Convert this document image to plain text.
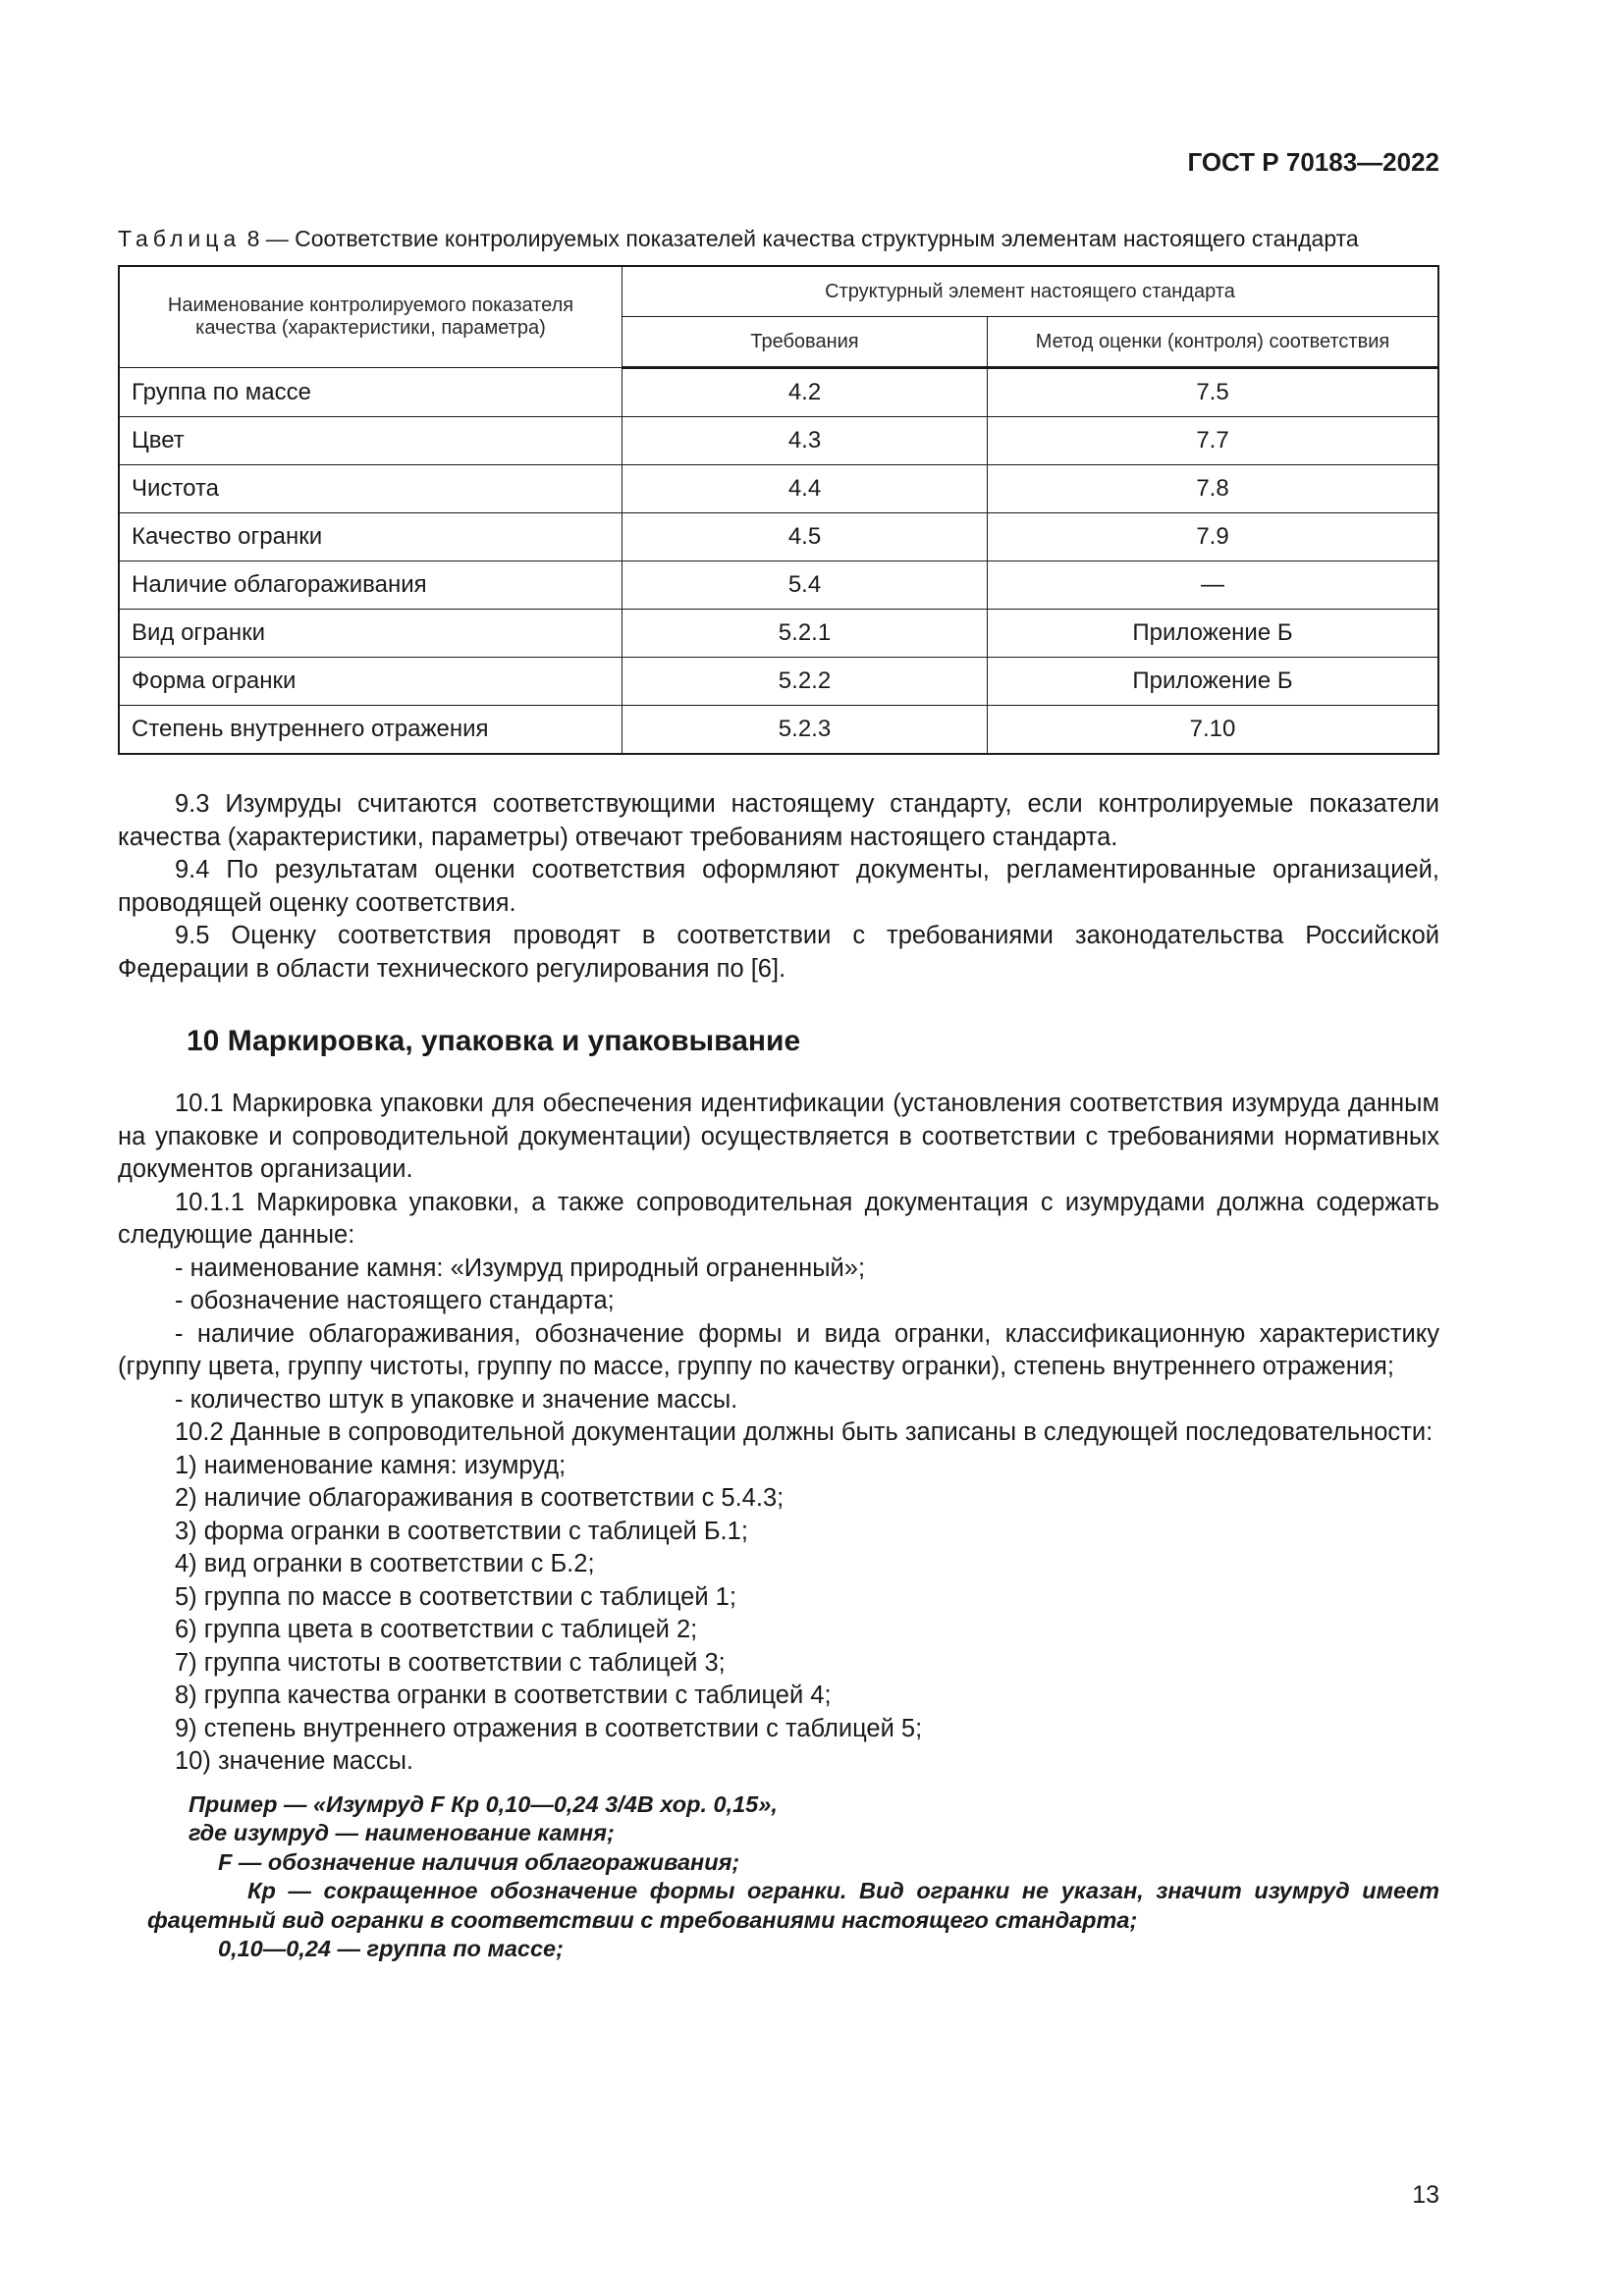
ГОСТ Р 70183—2022

Таблица 8 — Соответствие контролируемых показателей качества структурным элементам настоящего стандарта

Наименование контролируемого показателя качества (характеристики, параметра)	Структурный элемент настоящего стандарта	
	Требования	Метод оценки (контроля) соответствия
Группа по массе	4.2	7.5
Цвет	4.3	7.7
Чистота	4.4	7.8
Качество огранки	4.5	7.9
Наличие облагораживания	5.4	—
Вид огранки	5.2.1	Приложение Б
Форма огранки	5.2.2	Приложение Б
Степень внутреннего отражения	5.2.3	7.10

9.3 Изумруды считаются соответствующими настоящему стандарту, если контролируемые показатели качества (характеристики, параметры) отвечают требованиям настоящего стандарта.

9.4 По результатам оценки соответствия оформляют документы, регламентированные организацией, проводящей оценку соответствия.

9.5 Оценку соответствия проводят в соответствии с требованиями законодательства Российской Федерации в области технического регулирования по [6].

10 Маркировка, упаковка и упаковывание

10.1 Маркировка упаковки для обеспечения идентификации (установления соответствия изумруда данным на упаковке и сопроводительной документации) осуществляется в соответствии с требованиями нормативных документов организации.

10.1.1 Маркировка упаковки, а также сопроводительная документация с изумрудами должна содержать следующие данные:

- наименование камня: «Изумруд природный ограненный»;

- обозначение настоящего стандарта;

- наличие облагораживания, обозначение формы и вида огранки, классификационную характеристику (группу цвета, группу чистоты, группу по массе, группу по качеству огранки), степень внутреннего отражения;

- количество штук в упаковке и значение массы.

10.2 Данные в сопроводительной документации должны быть записаны в следующей последовательности:

1) наименование камня: изумруд;
2) наличие облагораживания в соответствии с 5.4.3;
3) форма огранки в соответствии с таблицей Б.1;
4) вид огранки в соответствии с Б.2;
5) группа по массе в соответствии с таблицей 1;
6) группа цвета в соответствии с таблицей 2;
7) группа чистоты в соответствии с таблицей 3;
8) группа качества огранки в соответствии с таблицей 4;
9) степень внутреннего отражения в соответствии с таблицей 5;
10) значение массы.

Пример — «Изумруд F Кр 0,10—0,24 3/4В хор. 0,15»,

где изумруд — наименование камня;

F — обозначение наличия облагораживания;

Кр — сокращенное обозначение формы огранки. Вид огранки не указан, значит изумруд имеет фацетный вид огранки в соответствии с требованиями настоящего стандарта;

0,10—0,24 — группа по массе;

13
